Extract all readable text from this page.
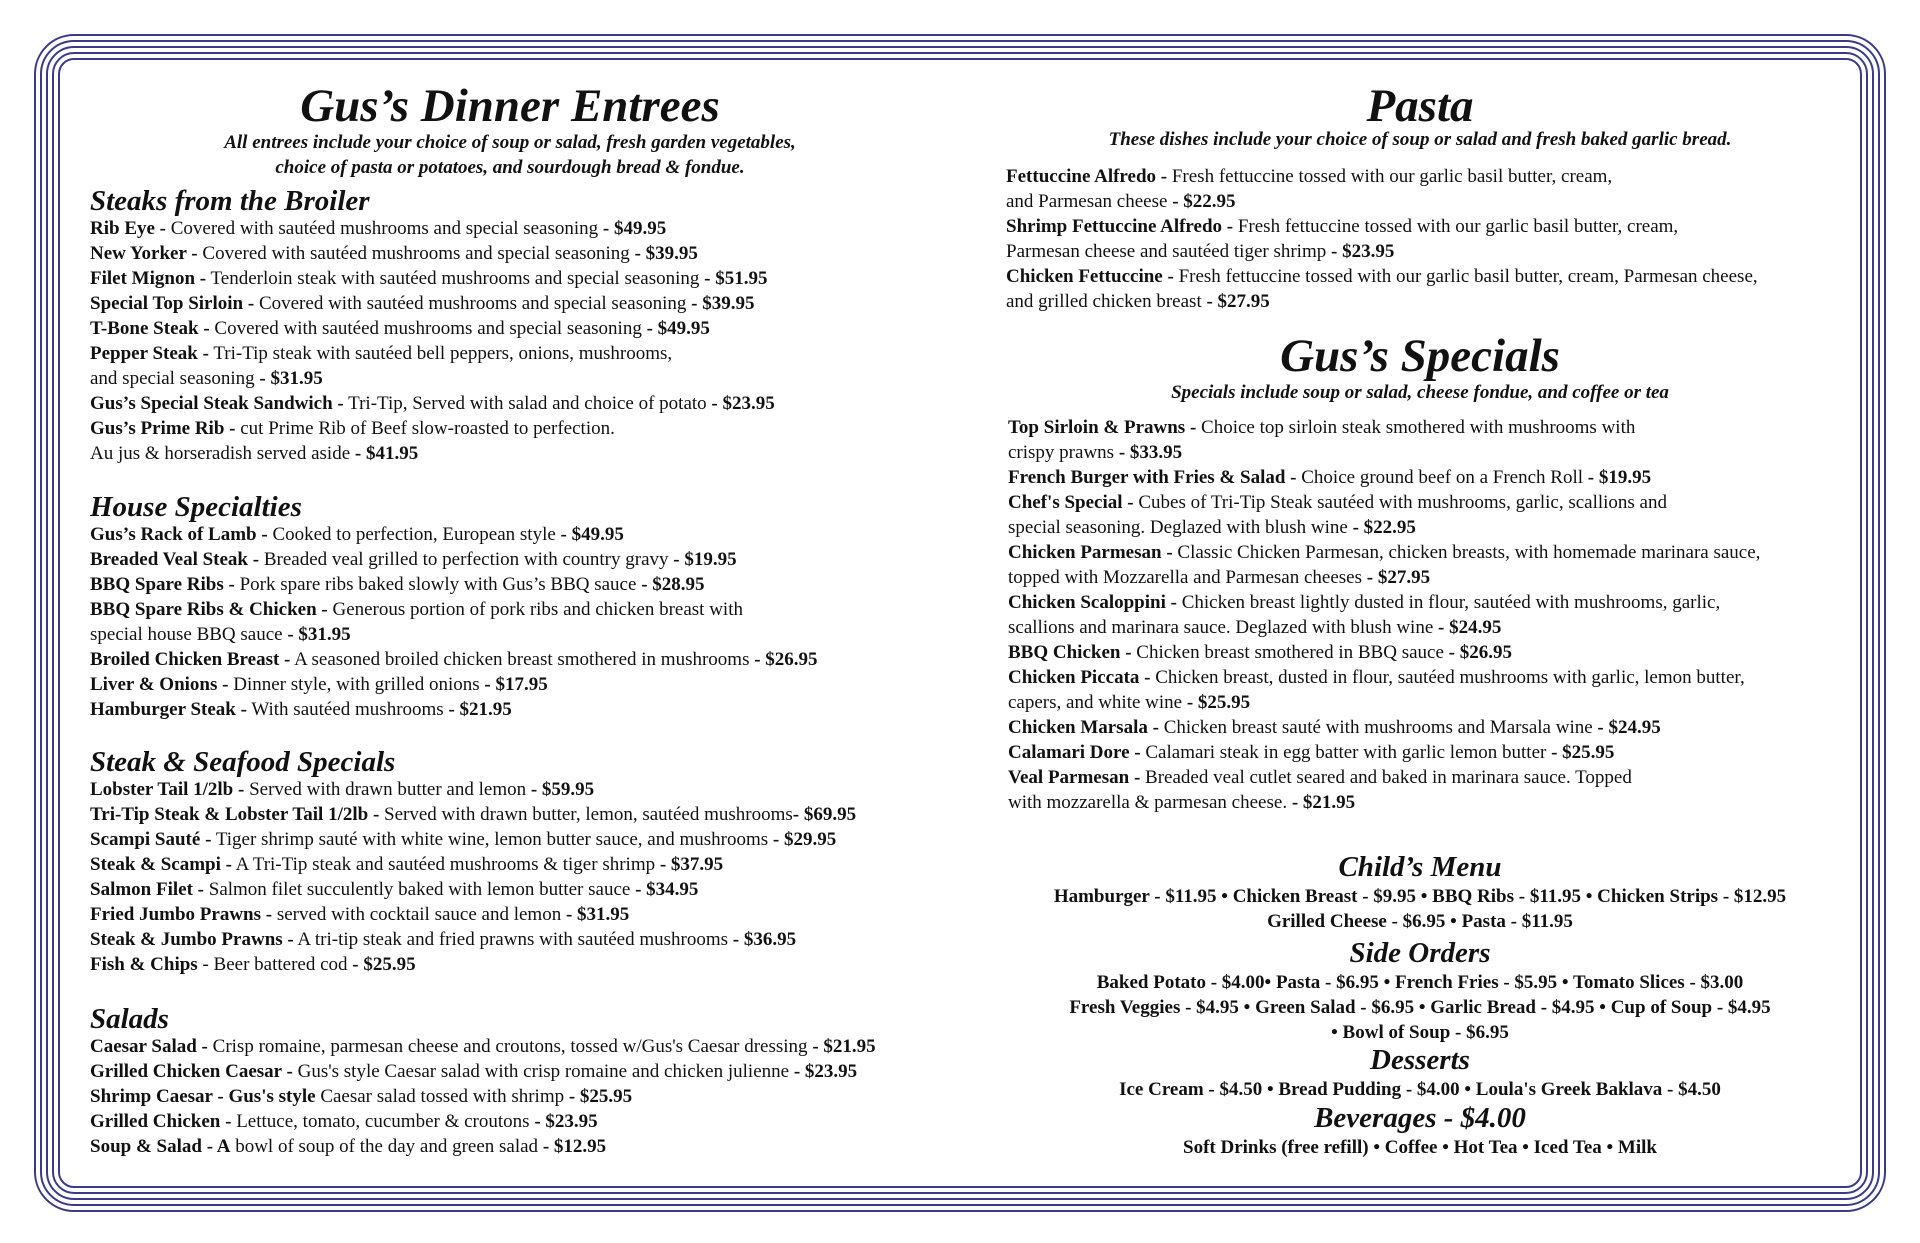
Gus’s Dinner Entrees

All entrees include your choice of soup or salad, fresh garden vegetables,

choice of pasta or potatoes, and sourdough bread & fondue.

Steaks from the Broiler
Rib Eye - Covered with sautéed mushrooms and special seasoning - $49.95
New Yorker - Covered with sautéed mushrooms and special seasoning - $39.95
Filet Mignon - Tenderloin steak with sautéed mushrooms and special seasoning - $51.95
Special Top Sirloin - Covered with sautéed mushrooms and special seasoning - $39.95
T-Bone Steak - Covered with sautéed mushrooms and special seasoning - $49.95
Pepper Steak - Tri-Tip steak with sautéed bell peppers, onions, mushrooms,
and special seasoning - $31.95
Gus’s Special Steak Sandwich - Tri-Tip, Served with salad and choice of potato - $23.95
Gus’s Prime Rib - cut Prime Rib of Beef slow-roasted to perfection.
Au jus & horseradish served aside - $41.95
House Specialties
Gus’s Rack of Lamb - Cooked to perfection, European style - $49.95
Breaded Veal Steak - Breaded veal grilled to perfection with country gravy - $19.95
BBQ Spare Ribs - Pork spare ribs baked slowly with Gus’s BBQ sauce - $28.95
BBQ Spare Ribs & Chicken - Generous portion of pork ribs and chicken breast with
special house BBQ sauce - $31.95
Broiled Chicken Breast - A seasoned broiled chicken breast smothered in mushrooms - $26.95
Liver & Onions - Dinner style, with grilled onions - $17.95
Hamburger Steak - With sautéed mushrooms - $21.95
Steak & Seafood Specials
Lobster Tail 1/2lb - Served with drawn butter and lemon - $59.95
Tri-Tip Steak & Lobster Tail 1/2lb - Served with drawn butter, lemon, sautéed mushrooms- $69.95
Scampi Sauté - Tiger shrimp sauté with white wine, lemon butter sauce, and mushrooms - $29.95
Steak & Scampi - A Tri-Tip steak and sautéed mushrooms & tiger shrimp - $37.95
Salmon Filet - Salmon filet succulently baked with lemon butter sauce - $34.95
Fried Jumbo Prawns - served with cocktail sauce and lemon - $31.95
Steak & Jumbo Prawns - A tri-tip steak and fried prawns with sautéed mushrooms - $36.95
Fish & Chips - Beer battered cod - $25.95
Salads
Caesar Salad - Crisp romaine, parmesan cheese and croutons, tossed w/Gus's Caesar dressing - $21.95
Grilled Chicken Caesar - Gus's style Caesar salad with crisp romaine and chicken julienne - $23.95
Shrimp Caesar - Gus's style Caesar salad tossed with shrimp - $25.95
Grilled Chicken - Lettuce, tomato, cucumber & croutons - $23.95
Soup & Salad - A bowl of soup of the day and green salad - $12.95
Pasta

These dishes include your choice of soup or salad and fresh baked garlic bread.

Fettuccine Alfredo - Fresh fettuccine tossed with our garlic basil butter, cream,
and Parmesan cheese - $22.95
Shrimp Fettuccine Alfredo - Fresh fettuccine tossed with our garlic basil butter, cream,
Parmesan cheese and sautéed tiger shrimp - $23.95
Chicken Fettuccine - Fresh fettuccine tossed with our garlic basil butter, cream, Parmesan cheese,
and grilled chicken breast - $27.95
Gus’s Specials

Specials include soup or salad, cheese fondue, and coffee or tea

Top Sirloin & Prawns - Choice top sirloin steak smothered with mushrooms with
crispy prawns - $33.95
French Burger with Fries & Salad - Choice ground beef on a French Roll - $19.95
Chef's Special - Cubes of Tri-Tip Steak sautéed with mushrooms, garlic, scallions and
special seasoning. Deglazed with blush wine - $22.95
Chicken Parmesan - Classic Chicken Parmesan, chicken breasts, with homemade marinara sauce,
topped with Mozzarella and Parmesan cheeses - $27.95
Chicken Scaloppini - Chicken breast lightly dusted in flour, sautéed with mushrooms, garlic,
scallions and marinara sauce. Deglazed with blush wine - $24.95
BBQ Chicken - Chicken breast smothered in BBQ sauce - $26.95
Chicken Piccata - Chicken breast, dusted in flour, sautéed mushrooms with garlic, lemon butter,
capers, and white wine - $25.95
Chicken Marsala - Chicken breast sauté with mushrooms and Marsala wine - $24.95
Calamari Dore - Calamari steak in egg batter with garlic lemon butter - $25.95
Veal Parmesan - Breaded veal cutlet seared and baked in marinara sauce. Topped
with mozzarella & parmesan cheese. - $21.95
Child’s Menu

Hamburger - $11.95 • Chicken Breast - $9.95 • BBQ Ribs - $11.95 • Chicken Strips - $12.95

Grilled Cheese - $6.95 • Pasta - $11.95

Side Orders

Baked Potato - $4.00• Pasta - $6.95 • French Fries - $5.95 • Tomato Slices - $3.00

Fresh Veggies - $4.95 • Green Salad - $6.95 • Garlic Bread - $4.95 • Cup of Soup - $4.95

• Bowl of Soup - $6.95

Desserts

Ice Cream - $4.50 • Bread Pudding - $4.00 • Loula's Greek Baklava - $4.50

Beverages - $4.00

Soft Drinks (free refill) • Coffee • Hot Tea • Iced Tea • Milk
